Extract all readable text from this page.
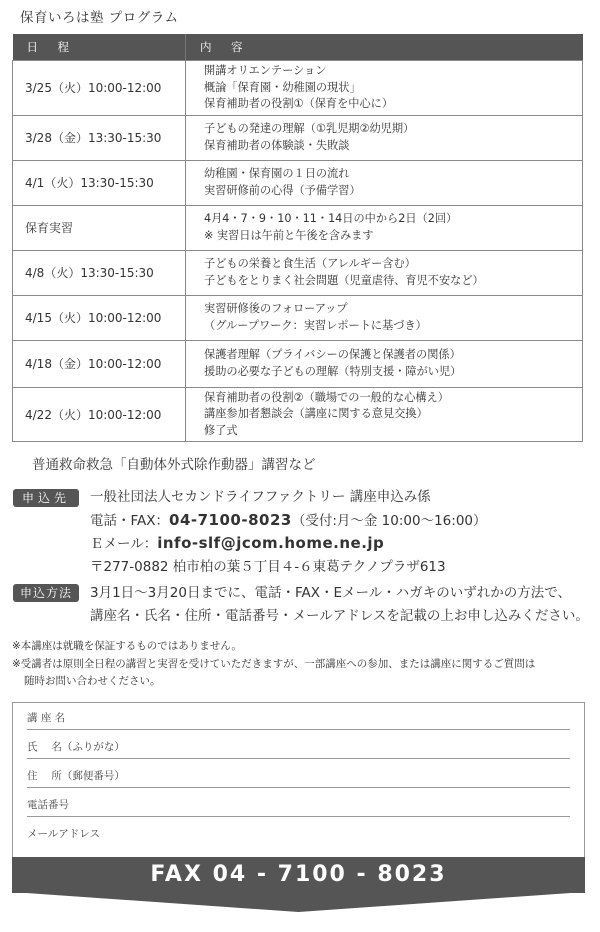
保育いろは塾 プログラム
日　程	内　容
3/25（火）10:00-12:00	開講オリエンテーション
概論「保育園・幼稚園の現状」
保育補助者の役割①（保育を中心に）

3/28（金）13:30-15:30	子どもの発達の理解（①乳児期②幼児期）
保育補助者の体験談・失敗談

4/1（火）13:30-15:30	幼稚園・保育園の１日の流れ
実習研修前の心得（予備学習）

保育実習	4月4・7・9・10・11・14日の中から2日（2回）
※ 実習日は午前と午後を含みます

4/8（火）13:30-15:30	子どもの栄養と食生活（アレルギー含む）
子どもをとりまく社会問題（児童虐待、育児不安など）

4/15（火）10:00-12:00	実習研修後のフォローアップ
（グループワーク：実習レポートに基づき）

4/18（金）10:00-12:00	保護者理解（プライバシーの保護と保護者の関係）
援助の必要な子どもの理解（特別支援・障がい児）

4/22（火）10:00-12:00	保育補助者の役割②（職場での一般的な心構え）
講座参加者懇談会（講座に関する意見交換）
修了式
普通救命救急「自動体外式除作動器」講習など
申込先	一般社団法人セカンドライフファクトリー 講座申込み係
電話・FAX：04-7100-8023（受付:月〜金 10:00〜16:00）
Ｅメール：info-slf@jcom.home.ne.jp
〒277-0882 柏市柏の葉５丁目４-６東葛テクノプラザ613
申込方法	3月1日〜3月20日までに、電話・FAX・Eメール・ハガキのいずれかの方法で、
講座名・氏名・住所・電話番号・メールアドレスを記載の上お申し込みください。
※本講座は就職を保証するものではありません。
※受講者は原則全日程の講習と実習を受けていただきますが、一部講座への参加、または講座に関するご質問は
随時お問い合わせください。
講 座 名
氏　 名（ふりがな）
住　 所（郵便番号）
電話番号
メールアドレス
FAX 04 - 7100 - 8023
